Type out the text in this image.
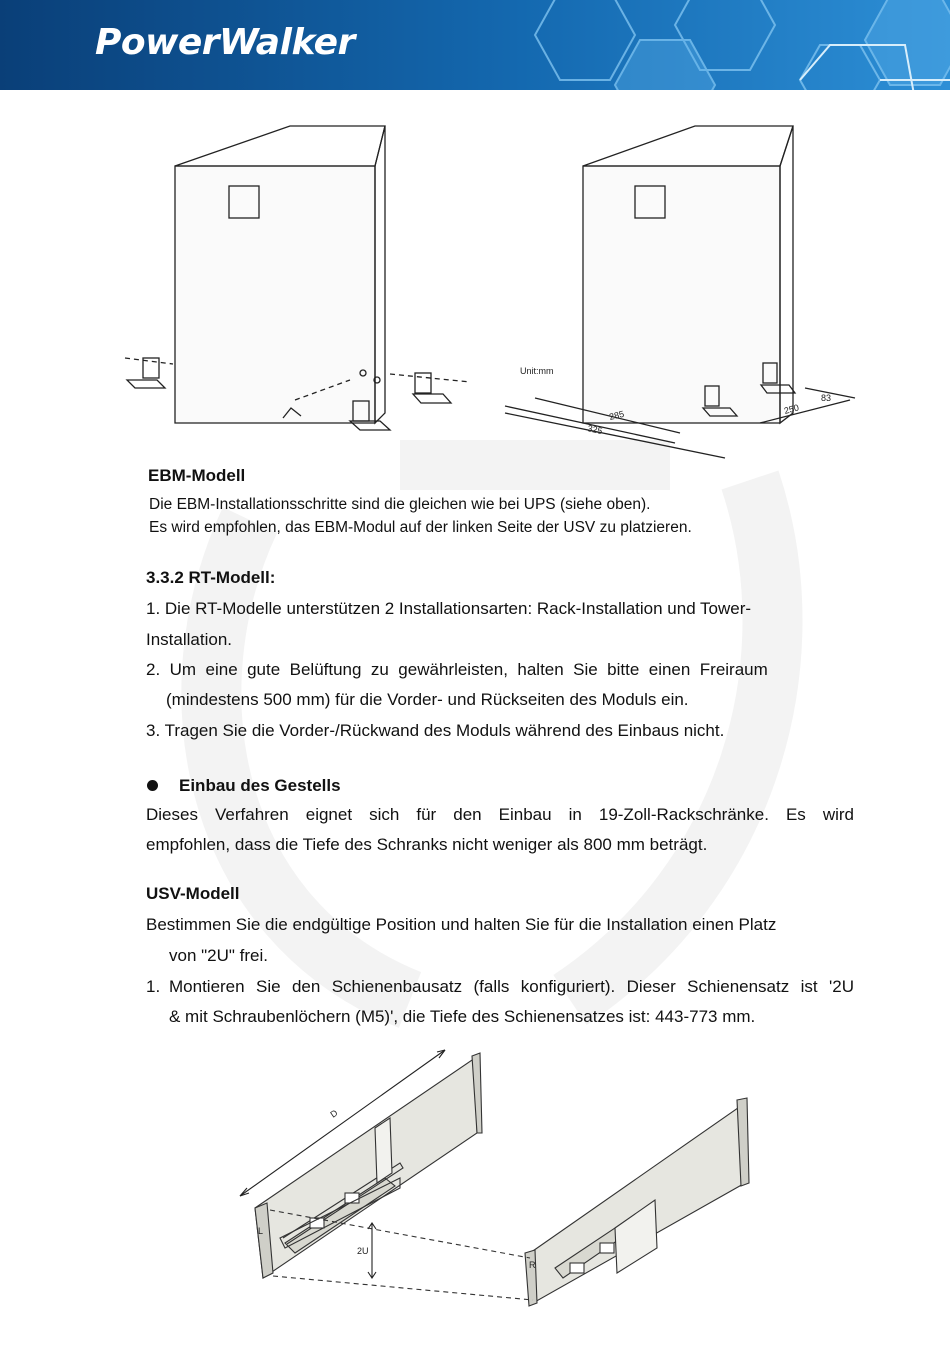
PowerWalker
Unit:mm
285
325
250
83
EBM-Modell
Die EBM-Installationsschritte sind die gleichen wie bei UPS (siehe oben).
Es wird empfohlen, das EBM-Modul auf der linken Seite der USV zu platzieren.
3.3.2 RT-Modell:
1. Die RT-Modelle unterstützen 2 Installationsarten: Rack-Installation und Tower-
Installation.
2.  Um  eine  gute  Belüftung  zu  gewährleisten,  halten  Sie  bitte  einen  Freiraum
(mindestens 500 mm) für die Vorder- und Rückseiten des Moduls ein.
3. Tragen Sie die Vorder-/Rückwand des Moduls während des Einbaus nicht.
Einbau des Gestells
Dieses Verfahren eignet sich für den Einbau in 19-Zoll-Rackschränke. Es wird
empfohlen, dass die Tiefe des Schranks nicht weniger als 800 mm beträgt.
USV-Modell
Bestimmen Sie die endgültige Position und halten Sie für die Installation einen Platz
von "2U" frei.
1. Montieren Sie den Schienenbausatz (falls konfiguriert). Dieser Schienensatz ist '2U
& mit Schraubenlöchern (M5)', die Tiefe des Schienensatzes ist: 443-773 mm.
D
2U
L
R
